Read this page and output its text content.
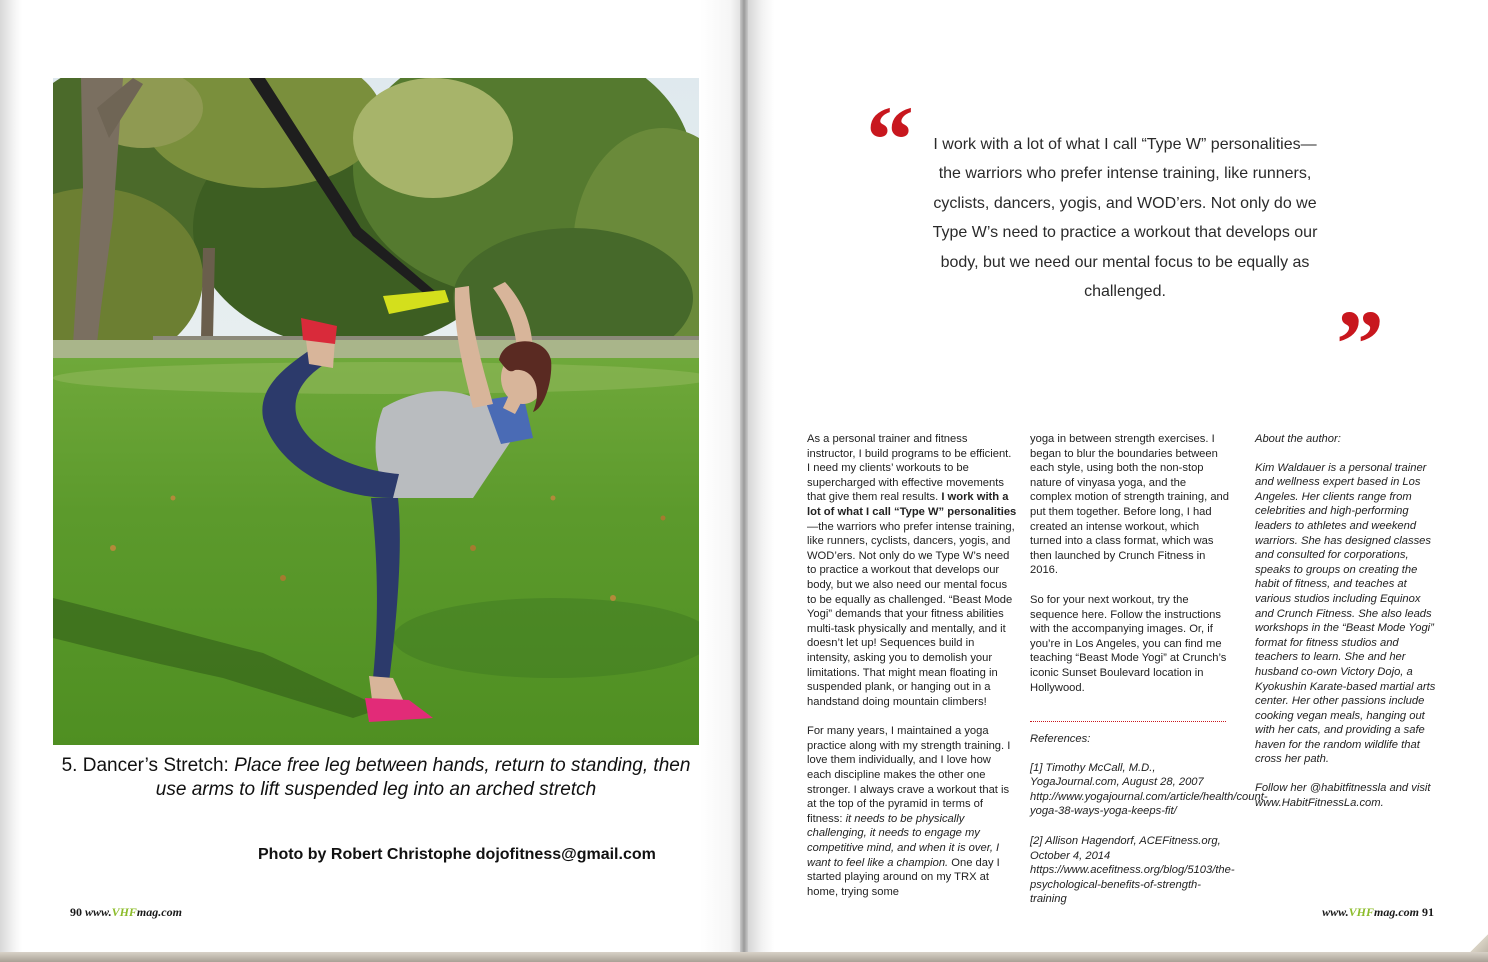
5. Dancer’s Stretch: Place free leg between hands, return to standing, then use arms to lift suspended leg into an arched stretch
Photo by Robert Christophe dojofitness@gmail.com
90 www.VHFmag.com
“	I work with a lot of what I call “Type W” personalities—the warriors who prefer intense training, like runners, cyclists, dancers, yogis, and WOD’ers. Not only do we Type W’s need to practice a workout that develops our body, but we need our mental focus to be equally as challenged.	”

As a personal trainer and fitness instructor, I build programs to be efficient. I need my clients’ workouts to be supercharged with effective movements that give them real results. I work with a lot of what I call “Type W” personalities—the warriors who prefer intense training, like runners, cyclists, dancers, yogis, and WOD’ers. Not only do we Type W’s need to practice a workout that develops our body, but we also need our mental focus to be equally as challenged. “Beast Mode Yogi” demands that your fitness abilities multi-task physically and mentally, and it doesn’t let up! Sequences build in intensity, asking you to demolish your limitations. That might mean floating in suspended plank, or hanging out in a handstand doing mountain climbers!

For many years, I maintained a yoga practice along with my strength training. I love them individually, and I love how each discipline makes the other one stronger. I always crave a workout that is at the top of the pyramid in terms of fitness: it needs to be physically challenging, it needs to engage my competitive mind, and when it is over, I want to feel like a champion. One day I started playing around on my TRX at home, trying some

yoga in between strength exercises. I began to blur the boundaries between each style, using both the non-stop nature of vinyasa yoga, and the complex motion of strength training, and put them together. Before long, I had created an intense workout, which turned into a class format, which was then launched by Crunch Fitness in 2016.

So for your next workout, try the sequence here. Follow the instructions with the accompanying images. Or, if you’re in Los Angeles, you can find me teaching “Beast Mode Yogi” at Crunch’s iconic Sunset Boulevard location in Hollywood.

References:
[1] Timothy McCall, M.D., YogaJournal.com, August 28, 2007 http://www.yogajournal.com/article/health/count-yoga-38-ways-yoga-keeps-fit/
[2] Allison Hagendorf, ACEFitness.org, October 4, 2014 https://www.acefitness.org/blog/5103/the-psychological-benefits-of-strength-training
About the author:

Kim Waldauer is a personal trainer and wellness expert based in Los Angeles. Her clients range from celebrities and high-performing leaders to athletes and weekend warriors. She has designed classes and consulted for corporations, speaks to groups on creating the habit of fitness, and teaches at various studios including Equinox and Crunch Fitness. She also leads workshops in the “Beast Mode Yogi” format for fitness studios and teachers to learn. She and her husband co-own Victory Dojo, a Kyokushin Karate-based martial arts center. Her other passions include cooking vegan meals, hanging out with her cats, and providing a safe haven for the random wildlife that cross her path.

Follow her @habitfitnessla and visit www.HabitFitnessLa.com.

www.VHFmag.com 91
